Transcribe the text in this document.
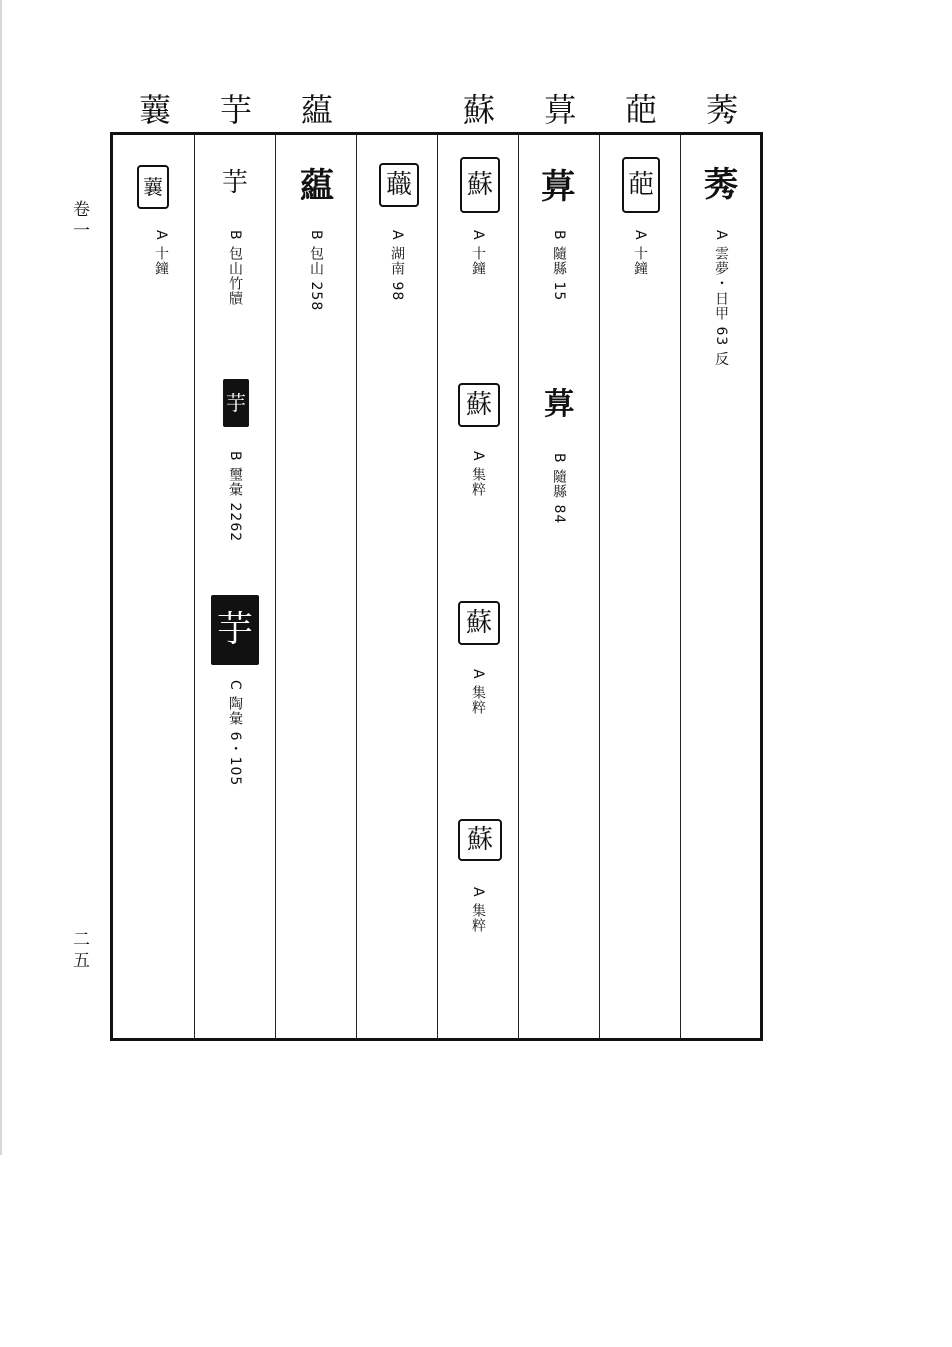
卷一
二五
莠
葩
萛
蘇
藴
芋
蘘
莠
A 雲夢・日甲 63 反
葩
A 十鐘
萛
B 隨縣 15
萛
B 隨縣 84
蘇
A 十鐘
蘇
A 集粹
蘇
A 集粹
蘇
A 集粹
蘵
A 湖南 98
藴
B 包山 258
芋
B 包山竹牘
芋
B 璽彙 2262
芋
C 陶彙 6・105
蘘
A 十鐘
